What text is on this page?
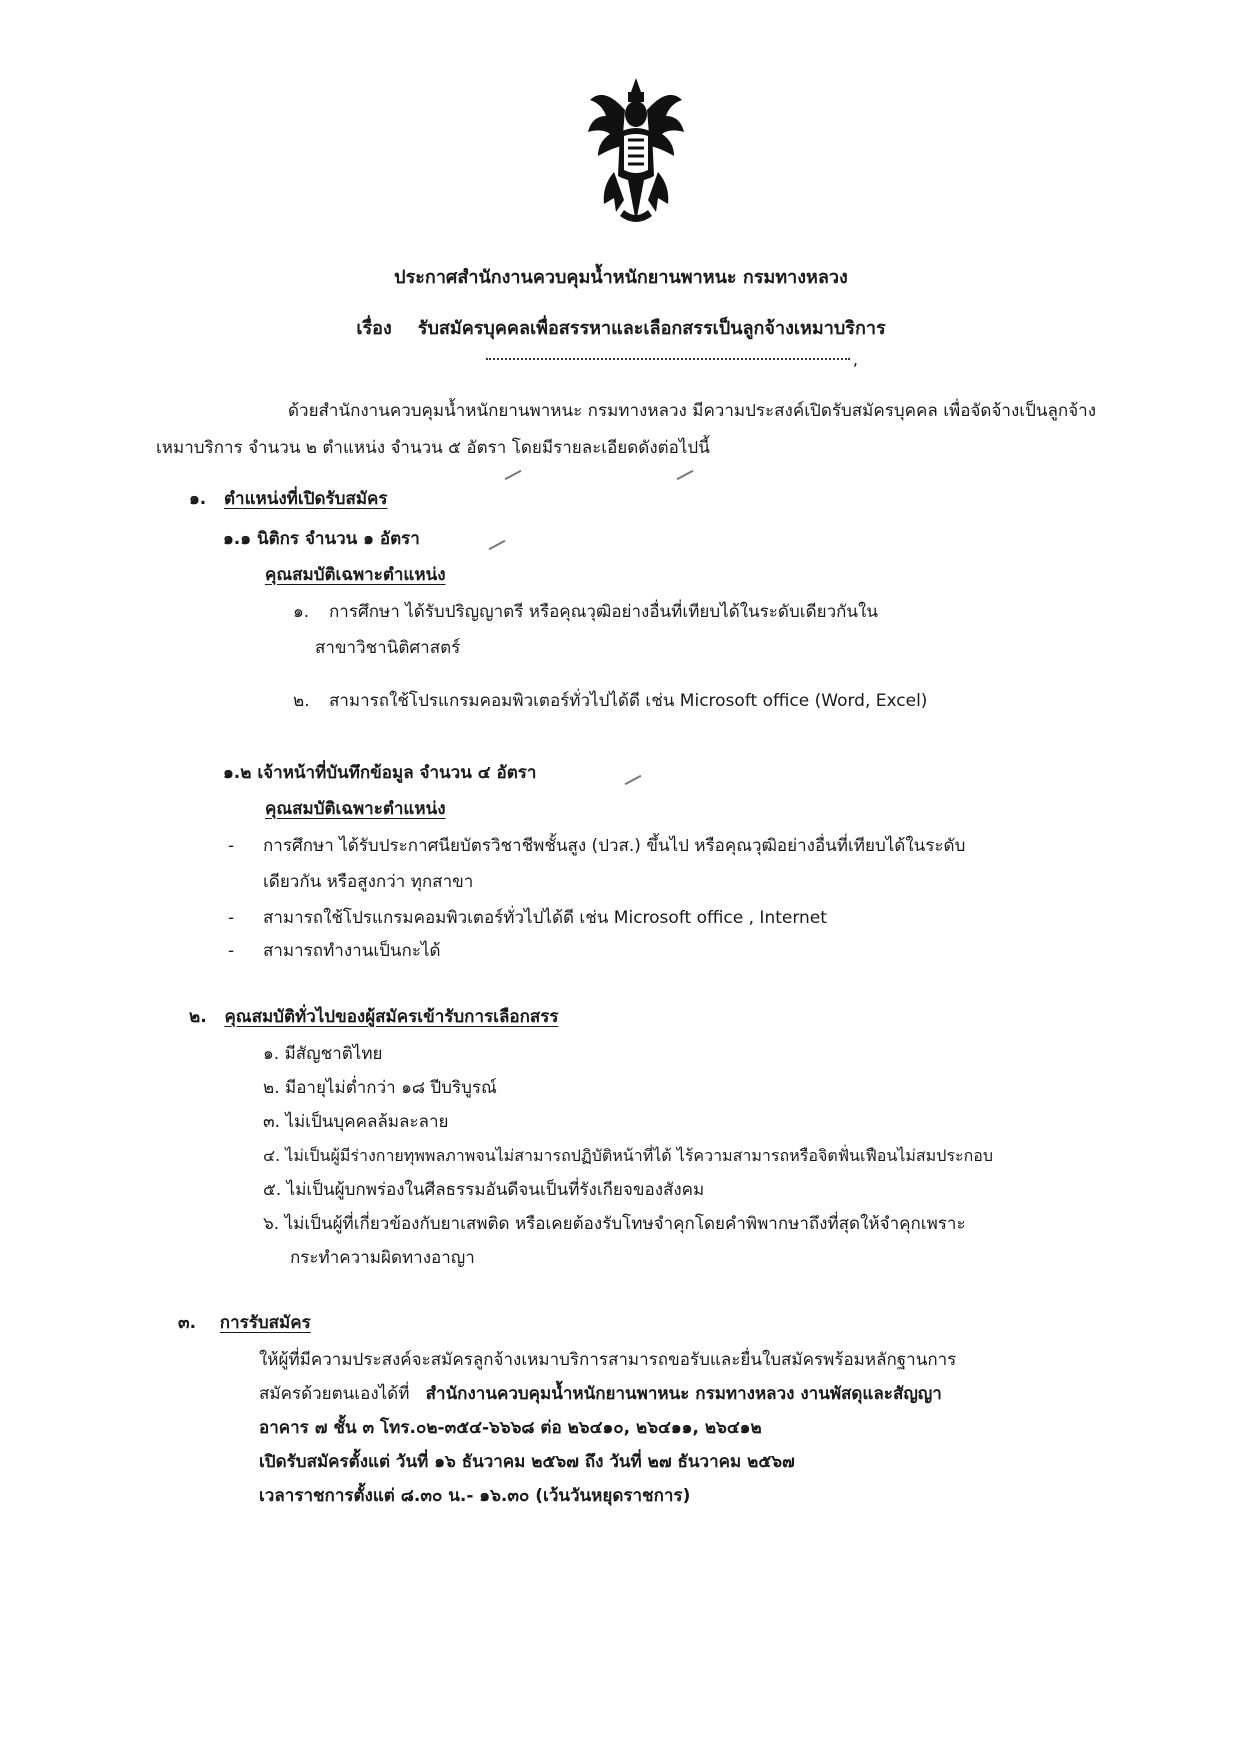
ประกาศสำนักงานควบคุมน้ำหนักยานพาหนะ กรมทางหลวง
เรื่อง รับสมัครบุคคลเพื่อสรรหาและเลือกสรรเป็นลูกจ้างเหมาบริการ
,
ด้วยสำนักงานควบคุมน้ำหนักยานพาหนะ กรมทางหลวง มีความประสงค์เปิดรับสมัครบุคคล เพื่อจัดจ้างเป็นลูกจ้างเหมาบริการ จำนวน ๒ ตำแหน่ง จำนวน ๕ อัตรา โดยมีรายละเอียดดังต่อไปนี้
๑. ตำแหน่งที่เปิดรับสมัคร
๑.๑ นิติกร จำนวน ๑ อัตรา
คุณสมบัติเฉพาะตำแหน่ง
๑. การศึกษา ได้รับปริญญาตรี หรือคุณวุฒิอย่างอื่นที่เทียบได้ในระดับเดียวกันใน
สาขาวิชานิติศาสตร์
๒. สามารถใช้โปรแกรมคอมพิวเตอร์ทั่วไปได้ดี เช่น Microsoft office (Word, Excel)
๑.๒ เจ้าหน้าที่บันทึกข้อมูล จำนวน ๔ อัตรา
คุณสมบัติเฉพาะตำแหน่ง
- การศึกษา ได้รับประกาศนียบัตรวิชาชีพชั้นสูง (ปวส.) ขึ้นไป หรือคุณวุฒิอย่างอื่นที่เทียบได้ในระดับ
เดียวกัน หรือสูงกว่า ทุกสาขา
- สามารถใช้โปรแกรมคอมพิวเตอร์ทั่วไปได้ดี เช่น Microsoft office , Internet
- สามารถทำงานเป็นกะได้
๒. คุณสมบัติทั่วไปของผู้สมัครเข้ารับการเลือกสรร
๑. มีสัญชาติไทย
๒. มีอายุไม่ต่ำกว่า ๑๘ ปีบริบูรณ์
๓. ไม่เป็นบุคคลล้มละลาย
๔. ไม่เป็นผู้มีร่างกายทุพพลภาพจนไม่สามารถปฏิบัติหน้าที่ได้ ไร้ความสามารถหรือจิตฟั่นเฟือนไม่สมประกอบ
๕. ไม่เป็นผู้บกพร่องในศีลธรรมอันดีจนเป็นที่รังเกียจของสังคม
๖. ไม่เป็นผู้ที่เกี่ยวข้องกับยาเสพติด หรือเคยต้องรับโทษจำคุกโดยคำพิพากษาถึงที่สุดให้จำคุกเพราะ
กระทำความผิดทางอาญา
๓. การรับสมัคร
ให้ผู้ที่มีความประสงค์จะสมัครลูกจ้างเหมาบริการสามารถขอรับและยื่นใบสมัครพร้อมหลักฐานการ
สมัครด้วยตนเองได้ที่ สำนักงานควบคุมน้ำหนักยานพาหนะ กรมทางหลวง งานพัสดุและสัญญา
อาคาร ๗ ชั้น ๓ โทร.๐๒-๓๕๔-๖๖๖๘ ต่อ ๒๖๔๑๐, ๒๖๔๑๑, ๒๖๔๑๒
เปิดรับสมัครตั้งแต่ วันที่ ๑๖ ธันวาคม ๒๕๖๗ ถึง วันที่ ๒๗ ธันวาคม ๒๕๖๗
เวลาราชการตั้งแต่ ๘.๓๐ น.- ๑๖.๓๐ (เว้นวันหยุดราชการ)
